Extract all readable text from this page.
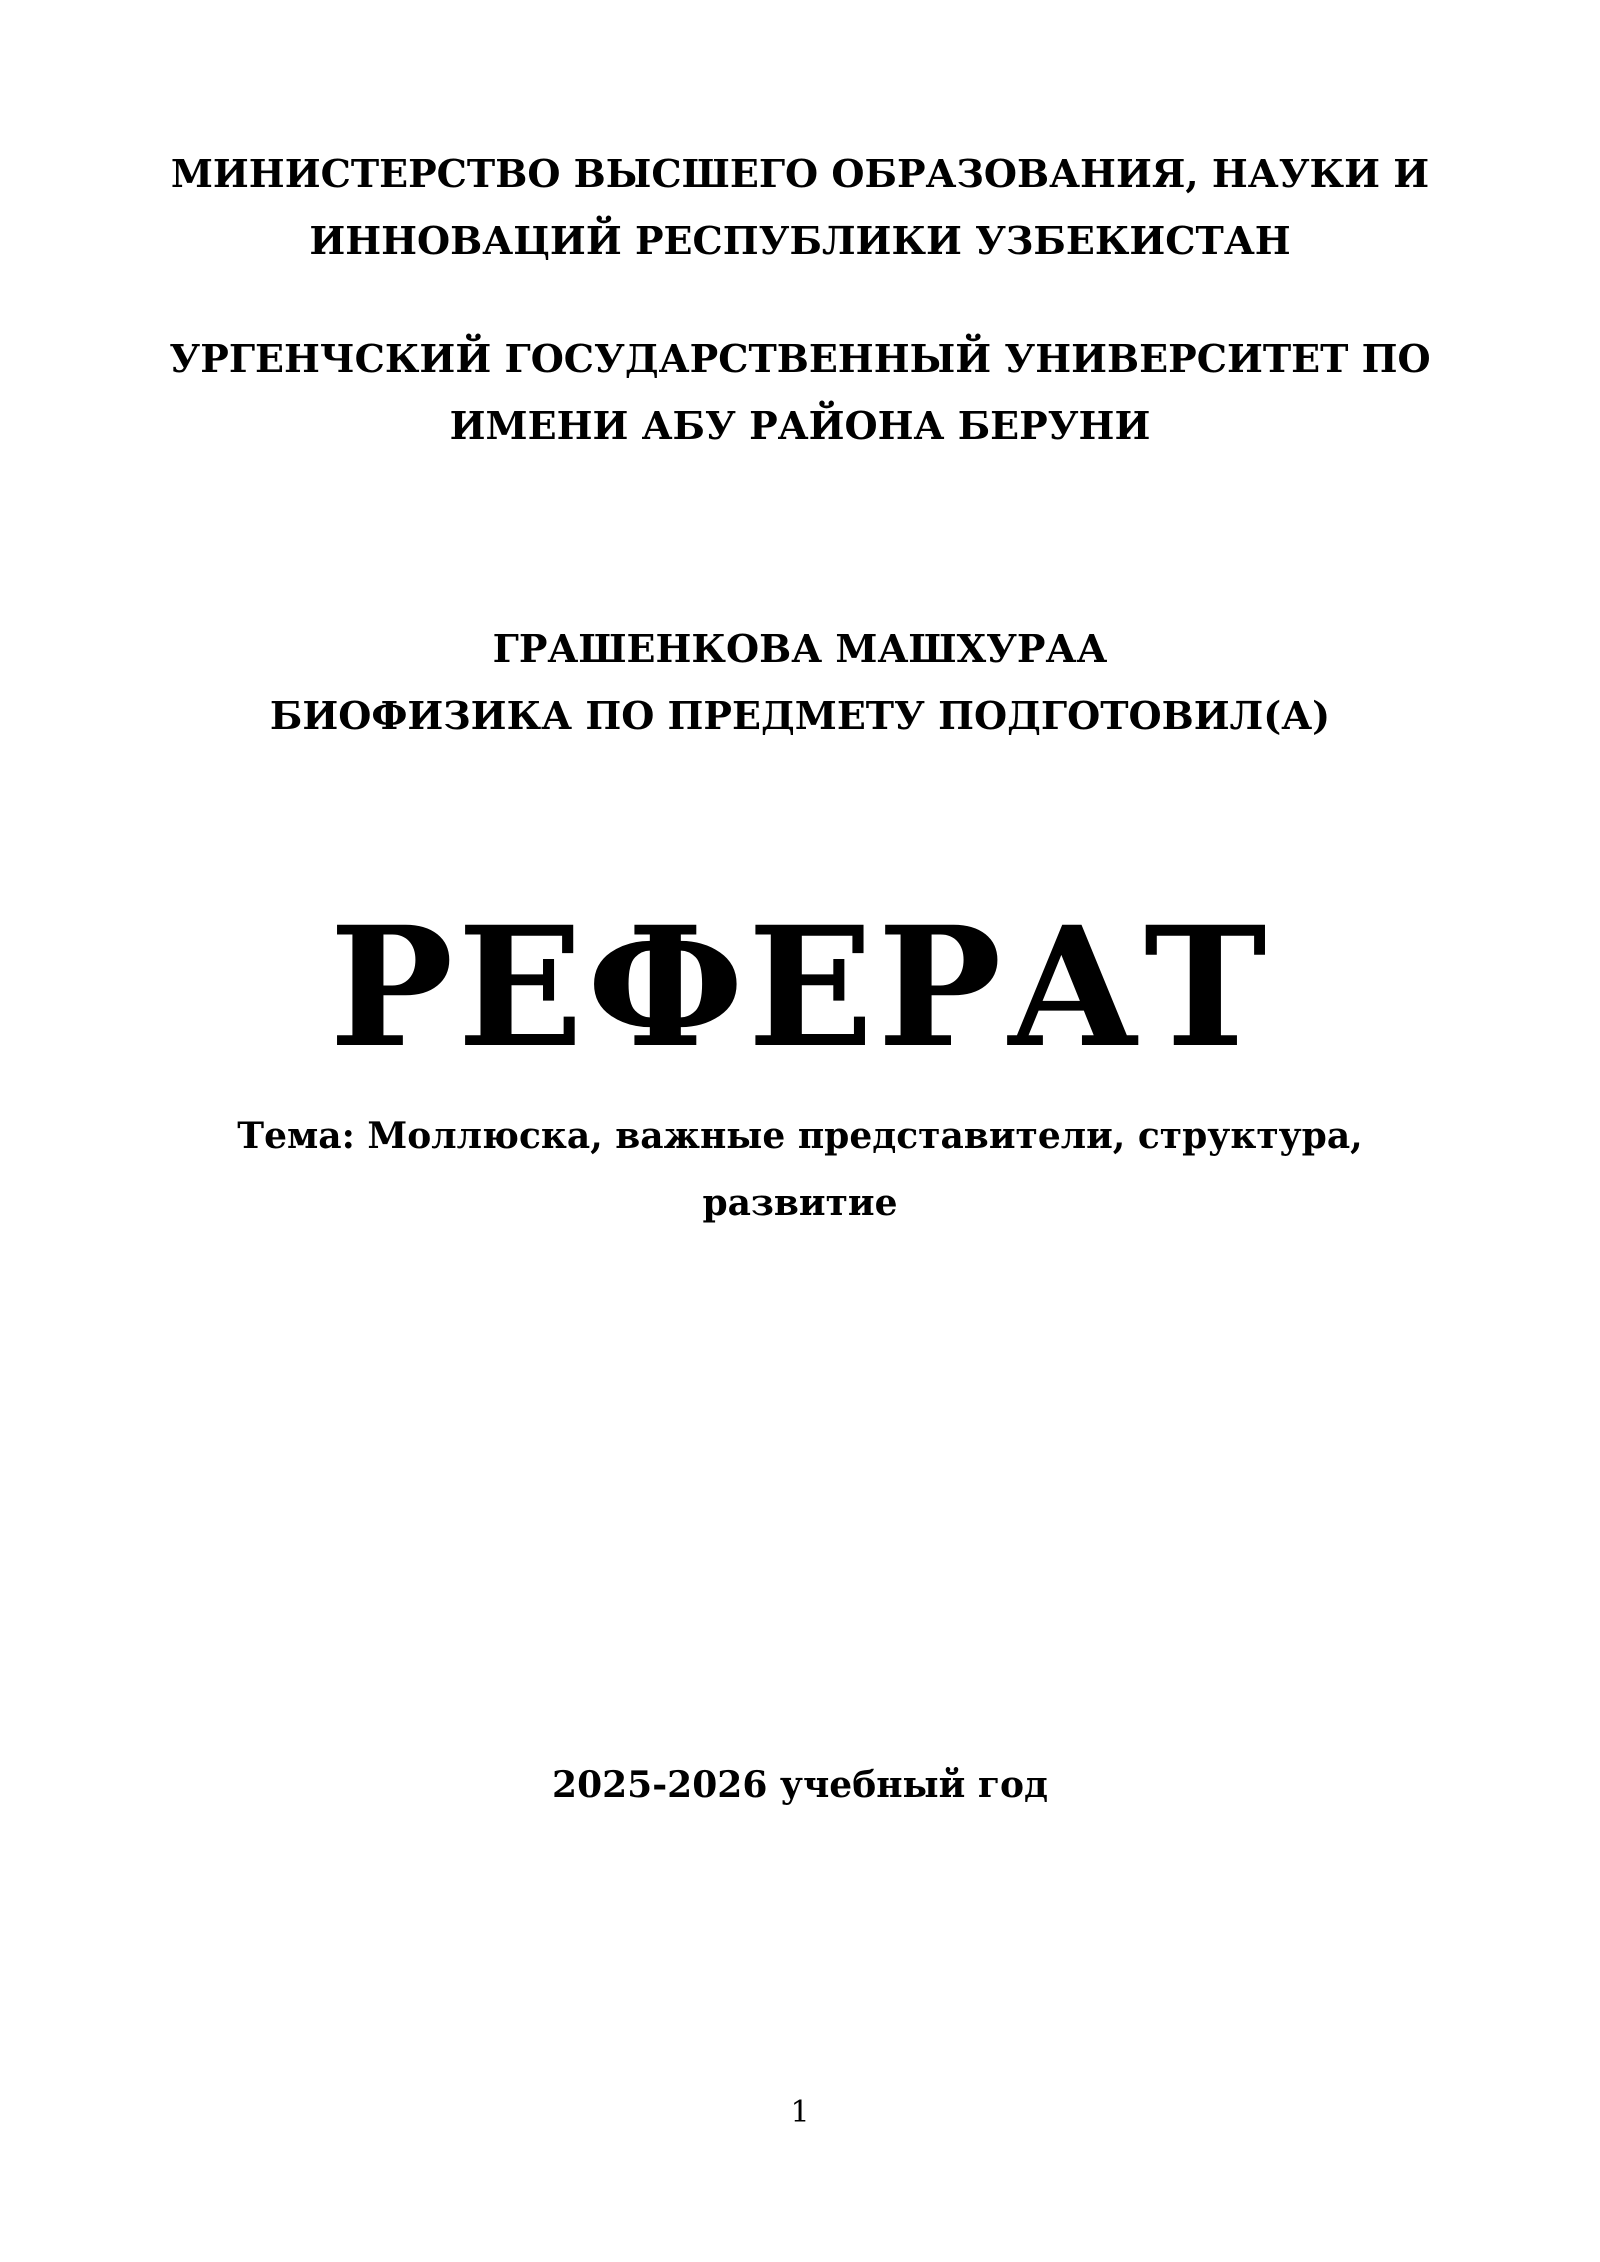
МИНИСТЕРСТВО ВЫСШЕГО ОБРАЗОВАНИЯ, НАУКИ И
ИННОВАЦИЙ РЕСПУБЛИКИ УЗБЕКИСТАН
УРГЕНЧСКИЙ ГОСУДАРСТВЕННЫЙ УНИВЕРСИТЕТ ПО
ИМЕНИ АБУ РАЙОНА БЕРУНИ
ГРАШЕНКОВА МАШХУРАА
БИОФИЗИКА ПО ПРЕДМЕТУ ПОДГОТОВИЛ(А)
РЕФЕРАТ
Тема: Моллюска, важные представители, структура,
развитие
2025-2026 учебный год
1
